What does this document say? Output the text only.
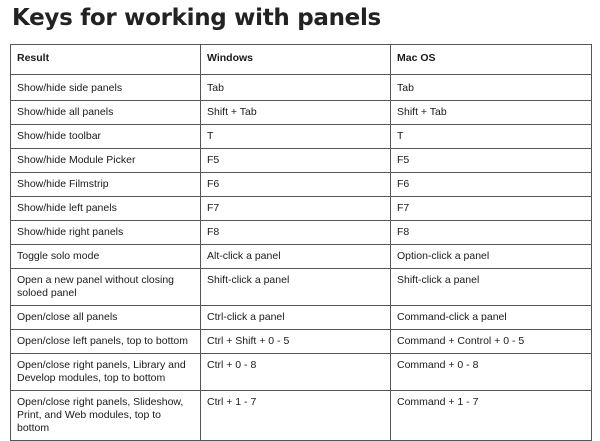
Keys for working with panels
Result	Windows	Mac OS
Show/hide side panels	Tab	Tab
Show/hide all panels	Shift + Tab	Shift + Tab
Show/hide toolbar	T	T
Show/hide Module Picker	F5	F5
Show/hide Filmstrip	F6	F6
Show/hide left panels	F7	F7
Show/hide right panels	F8	F8
Toggle solo mode	Alt-click a panel	Option-click a panel
Open a new panel without closing soloed panel	Shift-click a panel	Shift-click a panel
Open/close all panels	Ctrl-click a panel	Command-click a panel
Open/close left panels, top to bottom	Ctrl + Shift + 0 - 5	Command + Control + 0 - 5
Open/close right panels, Library and Develop modules, top to bottom	Ctrl + 0 - 8	Command + 0 - 8
Open/close right panels, Slideshow, Print, and Web modules, top to bottom	Ctrl + 1 - 7	Command + 1 - 7
